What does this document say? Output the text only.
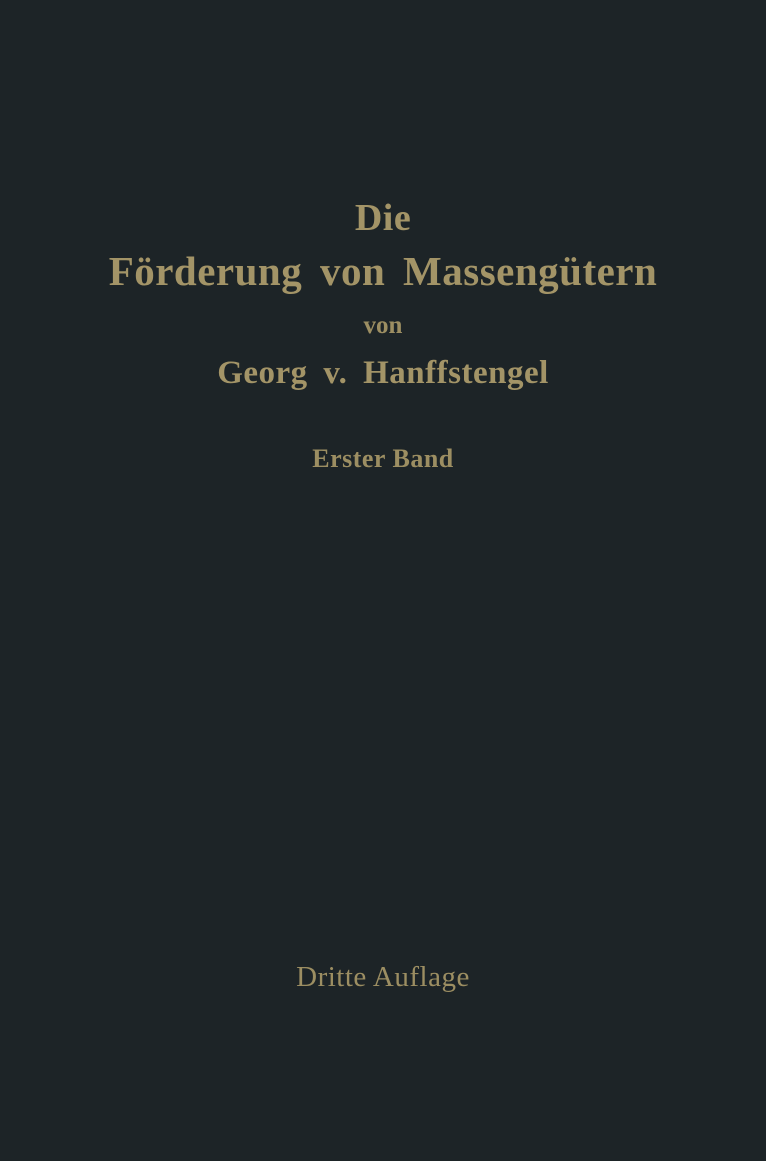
Die
Förderung von Massengütern
von
Georg v. Hanffstengel
Erster Band
Dritte Auflage
